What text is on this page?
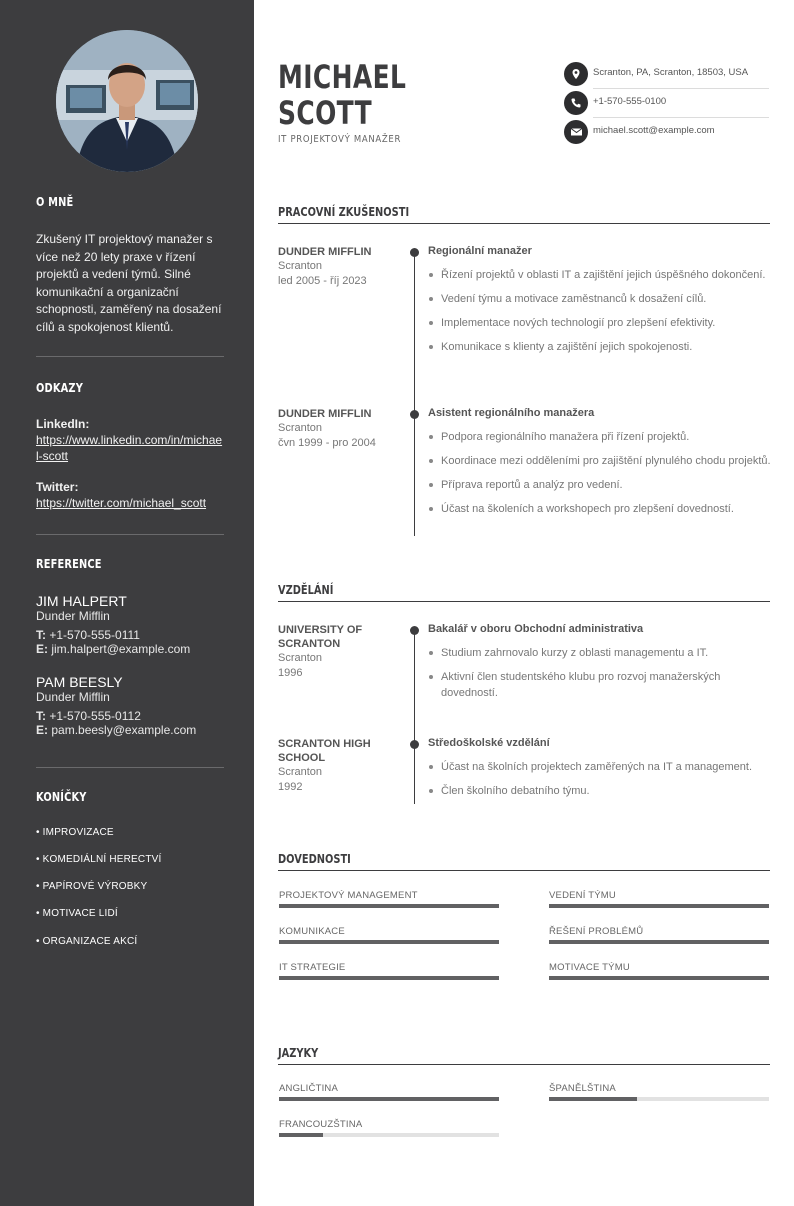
O MNĚ

Zkušený IT projektový manažer s více než 20 lety praxe v řízení projektů a vedení týmů. Silné komunikační a organizační schopnosti, zaměřený na dosažení cílů a spokojenost klientů.

ODKAZY
LinkedIn:
https://www.linkedin.com/in/michael-scott
Twitter:
https://twitter.com/michael_scott
REFERENCE
JIM HALPERT
Dunder Mifflin
T: +1-570-555-0111
E: jim.halpert@example.com
PAM BEESLY
Dunder Mifflin
T: +1-570-555-0112
E: pam.beesly@example.com
KONÍČKY
• IMPROVIZACE
• KOMEDIÁLNÍ HERECTVÍ
• PAPÍROVÉ VÝROBKY
• MOTIVACE LIDÍ
• ORGANIZACE AKCÍ
MICHAEL
SCOTT
IT PROJEKTOVÝ MANAŽER
Scranton, PA, Scranton, 18503, USA
+1-570-555-0100
michael.scott@example.com
PRACOVNÍ ZKUŠENOSTI
DUNDER MIFFLIN
Scranton
led 2005 - říj 2023
Regionální manažer
Řízení projektů v oblasti IT a zajištění jejich úspěšného dokončení.
Vedení týmu a motivace zaměstnanců k dosažení cílů.
Implementace nových technologií pro zlepšení efektivity.
Komunikace s klienty a zajištění jejich spokojenosti.
DUNDER MIFFLIN
Scranton
čvn 1999 - pro 2004
Asistent regionálního manažera
Podpora regionálního manažera při řízení projektů.
Koordinace mezi odděleními pro zajištění plynulého chodu projektů.
Příprava reportů a analýz pro vedení.
Účast na školeních a workshopech pro zlepšení dovedností.
VZDĚLÁNÍ
UNIVERSITY OF SCRANTON
Scranton
1996
Bakalář v oboru Obchodní administrativa
Studium zahrnovalo kurzy z oblasti managementu a IT.
Aktivní člen studentského klubu pro rozvoj manažerských dovedností.
SCRANTON HIGH SCHOOL
Scranton
1992
Středoškolské vzdělání
Účast na školních projektech zaměřených na IT a management.
Člen školního debatního týmu.
DOVEDNOSTI
PROJEKTOVÝ MANAGEMENT	VEDENÍ TÝMU
KOMUNIKACE	ŘEŠENÍ PROBLÉMŮ
IT STRATEGIE	MOTIVACE TÝMU
JAZYKY
ANGLIČTINA	ŠPANĚLŠTINA
FRANCOUZŠTINA
